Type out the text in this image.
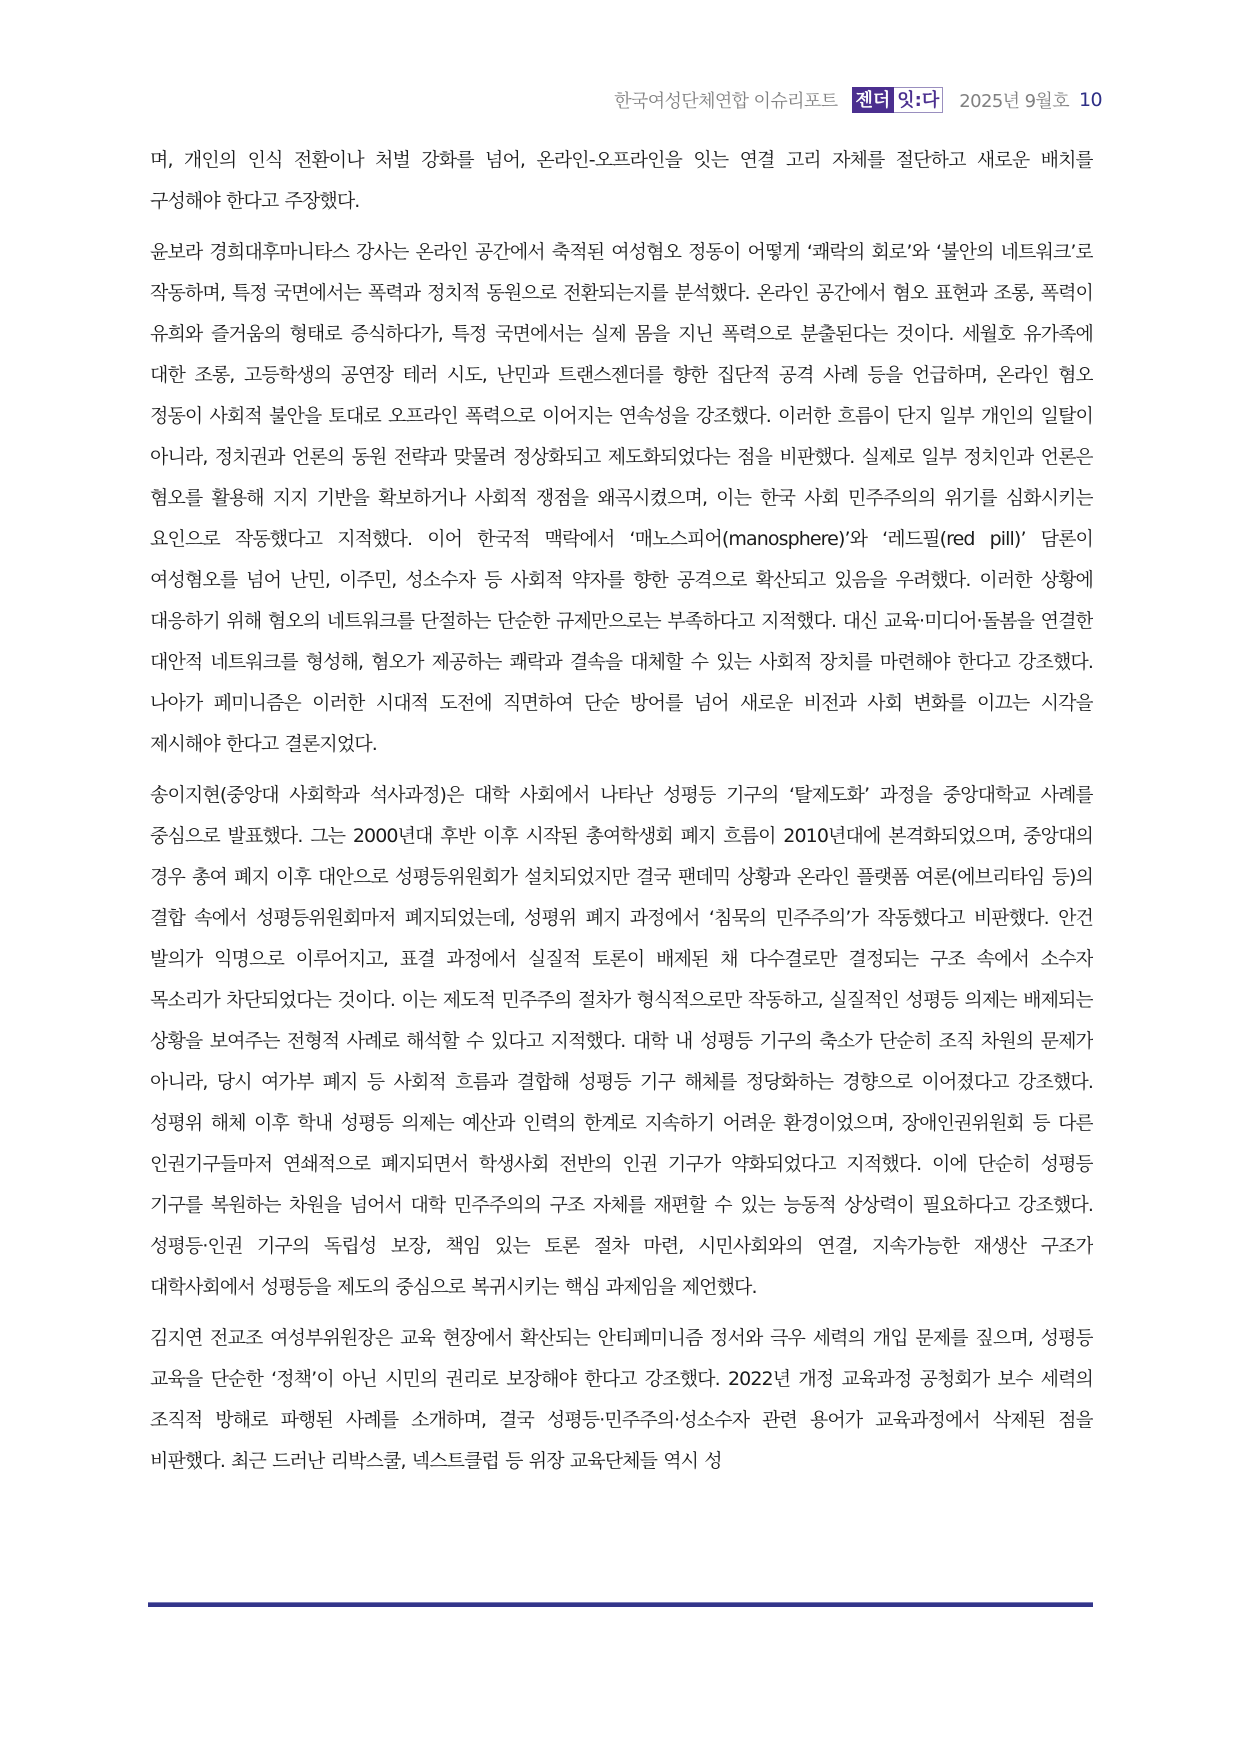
한국여성단체연합 이슈리포트 젠더 잇:다 2025년 9월호 10

며, 개인의 인식 전환이나 처벌 강화를 넘어, 온라인-오프라인을 잇는 연결 고리 자체를 절단하고 새로운 배치를 구성해야 한다고 주장했다.

윤보라 경희대후마니타스 강사는 온라인 공간에서 축적된 여성혐오 정동이 어떻게 ‘쾌락의 회로’와 ‘불안의 네트워크’로 작동하며, 특정 국면에서는 폭력과 정치적 동원으로 전환되는지를 분석했다. 온라인 공간에서 혐오 표현과 조롱, 폭력이 유희와 즐거움의 형태로 증식하다가, 특정 국면에서는 실제 몸을 지닌 폭력으로 분출된다는 것이다. 세월호 유가족에 대한 조롱, 고등학생의 공연장 테러 시도, 난민과 트랜스젠더를 향한 집단적 공격 사례 등을 언급하며, 온라인 혐오 정동이 사회적 불안을 토대로 오프라인 폭력으로 이어지는 연속성을 강조했다. 이러한 흐름이 단지 일부 개인의 일탈이 아니라, 정치권과 언론의 동원 전략과 맞물려 정상화되고 제도화되었다는 점을 비판했다. 실제로 일부 정치인과 언론은 혐오를 활용해 지지 기반을 확보하거나 사회적 쟁점을 왜곡시켰으며, 이는 한국 사회 민주주의의 위기를 심화시키는 요인으로 작동했다고 지적했다. 이어 한국적 맥락에서 ‘매노스피어(manosphere)’와 ‘레드필(red pill)’ 담론이 여성혐오를 넘어 난민, 이주민, 성소수자 등 사회적 약자를 향한 공격으로 확산되고 있음을 우려했다. 이러한 상황에 대응하기 위해 혐오의 네트워크를 단절하는 단순한 규제만으로는 부족하다고 지적했다. 대신 교육·미디어·돌봄을 연결한 대안적 네트워크를 형성해, 혐오가 제공하는 쾌락과 결속을 대체할 수 있는 사회적 장치를 마련해야 한다고 강조했다. 나아가 페미니즘은 이러한 시대적 도전에 직면하여 단순 방어를 넘어 새로운 비전과 사회 변화를 이끄는 시각을 제시해야 한다고 결론지었다.

송이지현(중앙대 사회학과 석사과정)은 대학 사회에서 나타난 성평등 기구의 ‘탈제도화’ 과정을 중앙대학교 사례를 중심으로 발표했다. 그는 2000년대 후반 이후 시작된 총여학생회 폐지 흐름이 2010년대에 본격화되었으며, 중앙대의 경우 총여 폐지 이후 대안으로 성평등위원회가 설치되었지만 결국 팬데믹 상황과 온라인 플랫폼 여론(에브리타임 등)의 결합 속에서 성평등위원회마저 폐지되었는데, 성평위 폐지 과정에서 ‘침묵의 민주주의’가 작동했다고 비판했다. 안건 발의가 익명으로 이루어지고, 표결 과정에서 실질적 토론이 배제된 채 다수결로만 결정되는 구조 속에서 소수자 목소리가 차단되었다는 것이다. 이는 제도적 민주주의 절차가 형식적으로만 작동하고, 실질적인 성평등 의제는 배제되는 상황을 보여주는 전형적 사례로 해석할 수 있다고 지적했다. 대학 내 성평등 기구의 축소가 단순히 조직 차원의 문제가 아니라, 당시 여가부 폐지 등 사회적 흐름과 결합해 성평등 기구 해체를 정당화하는 경향으로 이어졌다고 강조했다. 성평위 해체 이후 학내 성평등 의제는 예산과 인력의 한계로 지속하기 어려운 환경이었으며, 장애인권위원회 등 다른 인권기구들마저 연쇄적으로 폐지되면서 학생사회 전반의 인권 기구가 약화되었다고 지적했다. 이에 단순히 성평등 기구를 복원하는 차원을 넘어서 대학 민주주의의 구조 자체를 재편할 수 있는 능동적 상상력이 필요하다고 강조했다. 성평등·인권 기구의 독립성 보장, 책임 있는 토론 절차 마련, 시민사회와의 연결, 지속가능한 재생산 구조가 대학사회에서 성평등을 제도의 중심으로 복귀시키는 핵심 과제임을 제언했다.

김지연 전교조 여성부위원장은 교육 현장에서 확산되는 안티페미니즘 정서와 극우 세력의 개입 문제를 짚으며, 성평등 교육을 단순한 ‘정책’이 아닌 시민의 권리로 보장해야 한다고 강조했다. 2022년 개정 교육과정 공청회가 보수 세력의 조직적 방해로 파행된 사례를 소개하며, 결국 성평등·민주주의·성소수자 관련 용어가 교육과정에서 삭제된 점을 비판했다. 최근 드러난 리박스쿨, 넥스트클럽 등 위장 교육단체들 역시 성
